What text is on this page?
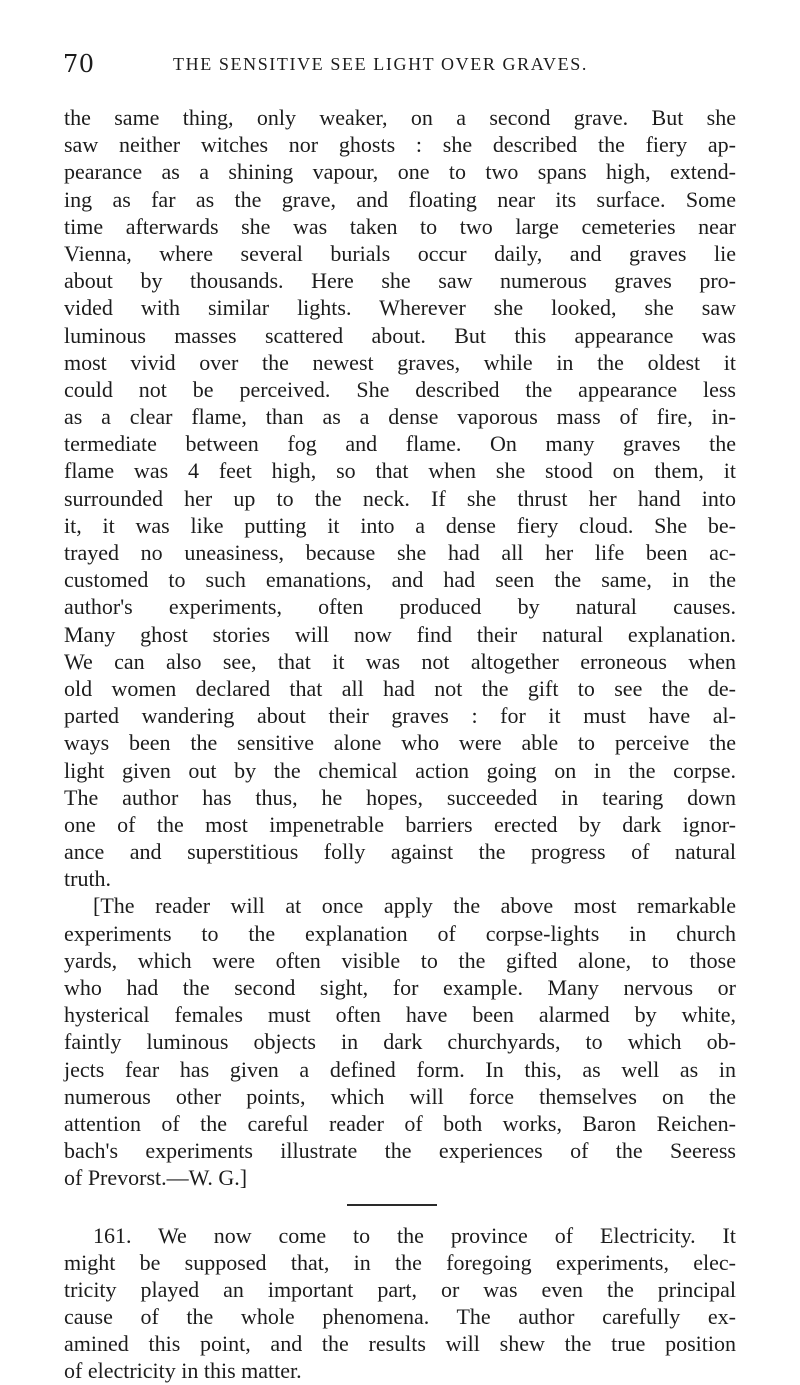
70	THE SENSITIVE SEE LIGHT OVER GRAVES.
the same thing, only weaker, on a second grave. But she
saw neither witches nor ghosts : she described the fiery ap-
pearance as a shining vapour, one to two spans high, extend-
ing as far as the grave, and floating near its surface. Some
time afterwards she was taken to two large cemeteries near
Vienna, where several burials occur daily, and graves lie
about by thousands. Here she saw numerous graves pro-
vided with similar lights. Wherever she looked, she saw
luminous masses scattered about. But this appearance was
most vivid over the newest graves, while in the oldest it
could not be perceived. She described the appearance less
as a clear flame, than as a dense vaporous mass of fire, in-
termediate between fog and flame. On many graves the
flame was 4 feet high, so that when she stood on them, it
surrounded her up to the neck. If she thrust her hand into
it, it was like putting it into a dense fiery cloud. She be-
trayed no uneasiness, because she had all her life been ac-
customed to such emanations, and had seen the same, in the
author's experiments, often produced by natural causes.
Many ghost stories will now find their natural explanation.
We can also see, that it was not altogether erroneous when
old women declared that all had not the gift to see the de-
parted wandering about their graves : for it must have al-
ways been the sensitive alone who were able to perceive the
light given out by the chemical action going on in the corpse.
The author has thus, he hopes, succeeded in tearing down
one of the most impenetrable barriers erected by dark ignor-
ance and superstitious folly against the progress of natural
truth.
[The reader will at once apply the above most remarkable
experiments to the explanation of corpse-lights in church
yards, which were often visible to the gifted alone, to those
who had the second sight, for example. Many nervous or
hysterical females must often have been alarmed by white,
faintly luminous objects in dark churchyards, to which ob-
jects fear has given a defined form. In this, as well as in
numerous other points, which will force themselves on the
attention of the careful reader of both works, Baron Reichen-
bach's experiments illustrate the experiences of the Seeress
of Prevorst.—W. G.]
161. We now come to the province of Electricity. It
might be supposed that, in the foregoing experiments, elec-
tricity played an important part, or was even the principal
cause of the whole phenomena. The author carefully ex-
amined this point, and the results will shew the true position
of electricity in this matter.
